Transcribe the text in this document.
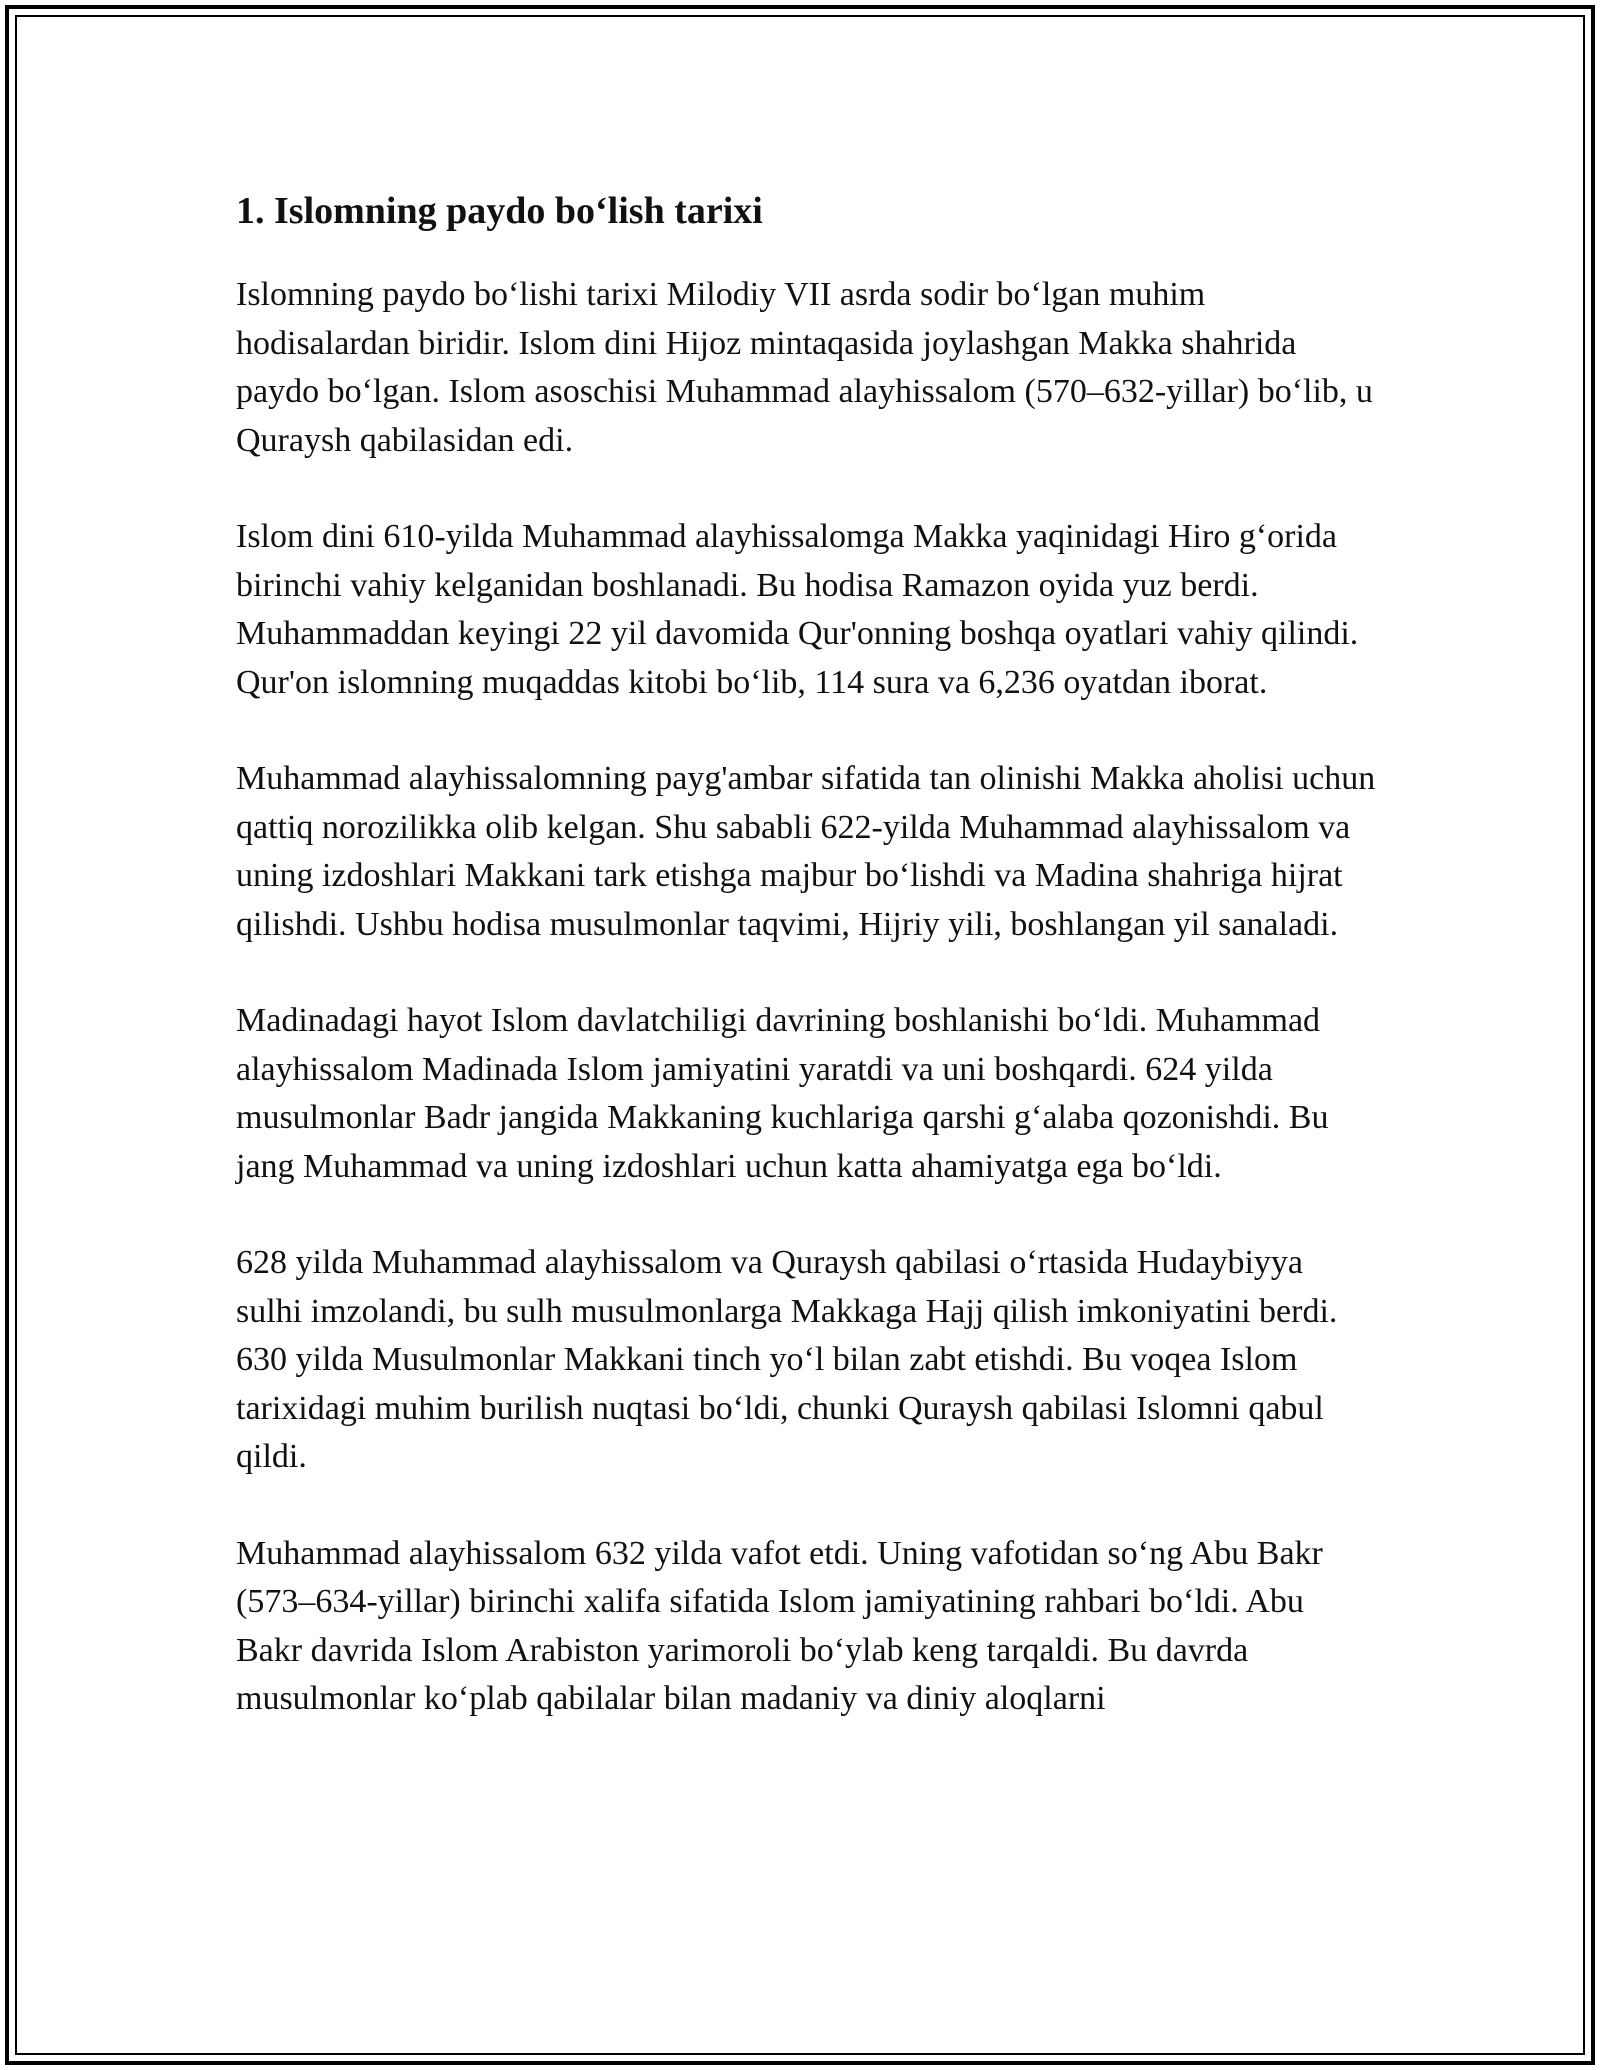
1. Islomning paydo bo‘lish tarixi

Islomning paydo bo‘lishi tarixi Milodiy VII asrda sodir bo‘lgan muhim hodisalardan biridir. Islom dini Hijoz mintaqasida joylashgan Makka shahrida paydo bo‘lgan. Islom asoschisi Muhammad alayhissalom (570–632-yillar) bo‘lib, u Quraysh qabilasidan edi.

Islom dini 610-yilda Muhammad alayhissalomga Makka yaqinidagi Hiro g‘orida birinchi vahiy kelganidan boshlanadi. Bu hodisa Ramazon oyida yuz berdi. Muhammaddan keyingi 22 yil davomida Qur'onning boshqa oyatlari vahiy qilindi. Qur'on islomning muqaddas kitobi bo‘lib, 114 sura va 6,236 oyatdan iborat.

Muhammad alayhissalomning payg'ambar sifatida tan olinishi Makka aholisi uchun qattiq norozilikka olib kelgan. Shu sababli 622-yilda Muhammad alayhissalom va uning izdoshlari Makkani tark etishga majbur bo‘lishdi va Madina shahriga hijrat qilishdi. Ushbu hodisa musulmonlar taqvimi, Hijriy yili, boshlangan yil sanaladi.

Madinadagi hayot Islom davlatchiligi davrining boshlanishi bo‘ldi. Muhammad alayhissalom Madinada Islom jamiyatini yaratdi va uni boshqardi. 624 yilda musulmonlar Badr jangida Makkaning kuchlariga qarshi g‘alaba qozonishdi. Bu jang Muhammad va uning izdoshlari uchun katta ahamiyatga ega bo‘ldi.

628 yilda Muhammad alayhissalom va Quraysh qabilasi o‘rtasida Hudaybiyya sulhi imzolandi, bu sulh musulmonlarga Makkaga Hajj qilish imkoniyatini berdi. 630 yilda Musulmonlar Makkani tinch yo‘l bilan zabt etishdi. Bu voqea Islom tarixidagi muhim burilish nuqtasi bo‘ldi, chunki Quraysh qabilasi Islomni qabul qildi.

Muhammad alayhissalom 632 yilda vafot etdi. Uning vafotidan so‘ng Abu Bakr (573–634-yillar) birinchi xalifa sifatida Islom jamiyatining rahbari bo‘ldi. Abu Bakr davrida Islom Arabiston yarimoroli bo‘ylab keng tarqaldi. Bu davrda musulmonlar ko‘plab qabilalar bilan madaniy va diniy aloqlarni
